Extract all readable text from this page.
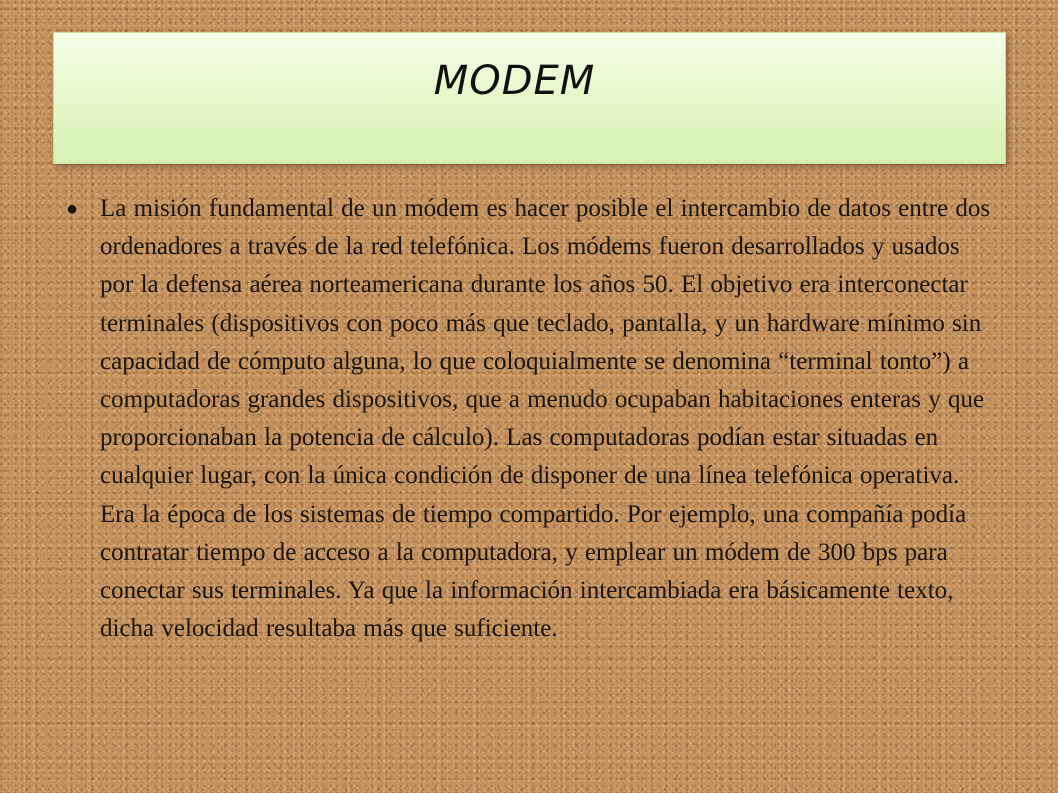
MODEM
● La misión fundamental de un módem es hacer posible el intercambio de datos entre dos ordenadores a través de la red telefónica. Los módems fueron desarrollados y usados por la defensa aérea norteamericana durante los años 50. El objetivo era interconectar terminales (dispositivos con poco más que teclado, pantalla, y un hardware mínimo sin capacidad de cómputo alguna, lo que coloquialmente se denomina “terminal tonto”) a computadoras grandes dispositivos, que a menudo ocupaban habitaciones enteras y que proporcionaban la potencia de cálculo). Las computadoras podían estar situadas en cualquier lugar, con la única condición de disponer de una línea telefónica operativa. Era la época de los sistemas de tiempo compartido. Por ejemplo, una compañía podía contratar tiempo de acceso a la computadora, y emplear un módem de 300 bps para conectar sus terminales. Ya que la información intercambiada era básicamente texto, dicha velocidad resultaba más que suficiente.
